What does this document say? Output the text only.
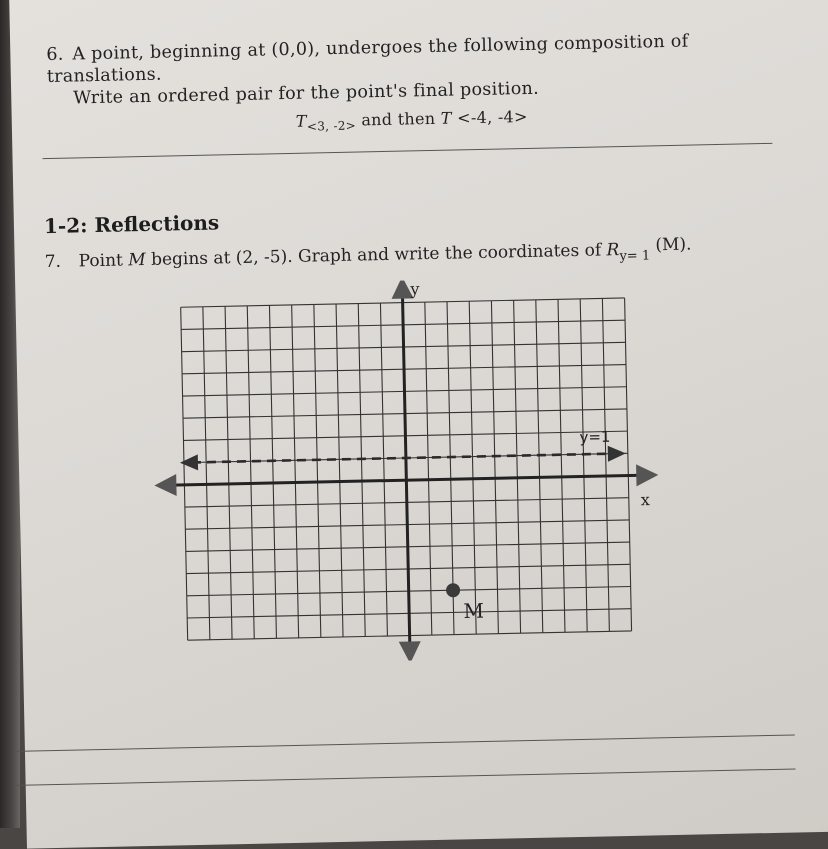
6. A point, beginning at (0,0), undergoes the following composition of translations.
Write an ordered pair for the point's final position.
$T_{<3, -2>}$ and then T <-4, -4>
1-2: Reflections
7. Point M begins at (2, -5). Graph and write the coordinates of $R_{y= 1}$ (M).
y
x
y=1
M
